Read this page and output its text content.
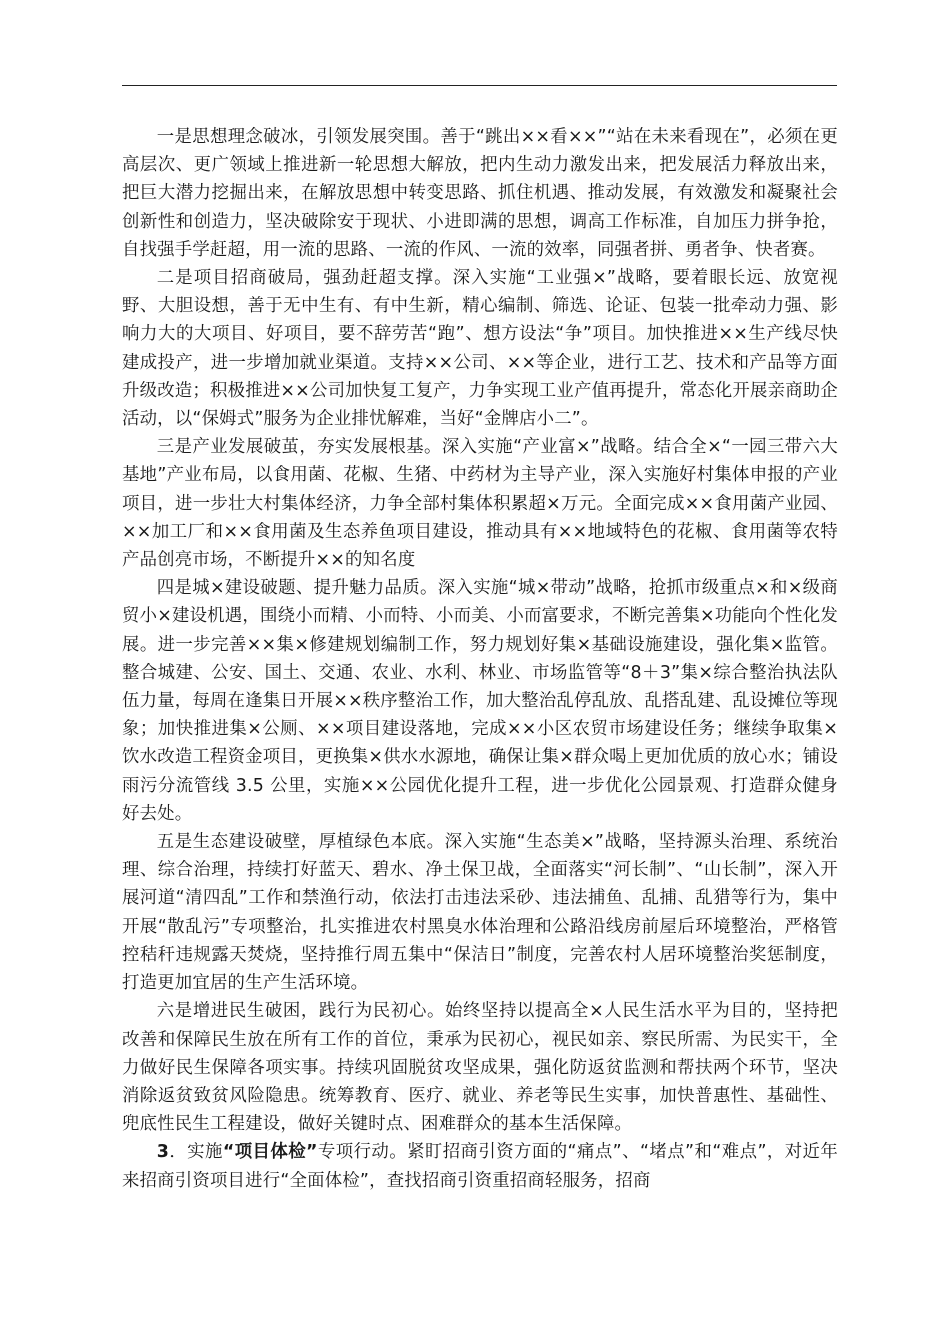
一是思想理念破冰，引领发展突围。善于“跳出××看××”“站在未来看现在”，必须在更高层次、更广领域上推进新一轮思想大解放，把内生动力激发出来，把发展活力释放出来，把巨大潜力挖掘出来，在解放思想中转变思路、抓住机遇、推动发展，有效激发和凝聚社会创新性和创造力，坚决破除安于现状、小进即满的思想，调高工作标准，自加压力拼争抢，自找强手学赶超，用一流的思路、一流的作风、一流的效率，同强者拼、勇者争、快者赛。

二是项目招商破局，强劲赶超支撑。深入实施“工业强×”战略，要着眼长远、放宽视野、大胆设想，善于无中生有、有中生新，精心编制、筛选、论证、包装一批牵动力强、影响力大的大项目、好项目，要不辞劳苦“跑”、想方设法“争”项目。加快推进××生产线尽快建成投产，进一步增加就业渠道。支持××公司、××等企业，进行工艺、技术和产品等方面升级改造；积极推进××公司加快复工复产，力争实现工业产值再提升，常态化开展亲商助企活动，以“保姆式”服务为企业排忧解难，当好“金牌店小二”。

三是产业发展破茧，夯实发展根基。深入实施“产业富×”战略。结合全×“一园三带六大基地”产业布局，以食用菌、花椒、生猪、中药材为主导产业，深入实施好村集体申报的产业项目，进一步壮大村集体经济，力争全部村集体积累超×万元。全面完成××食用菌产业园、××加工厂和××食用菌及生态养鱼项目建设，推动具有××地域特色的花椒、食用菌等农特产品创亮市场，不断提升××的知名度

四是城×建设破题、提升魅力品质。深入实施“城×带动”战略，抢抓市级重点×和×级商贸小×建设机遇，围绕小而精、小而特、小而美、小而富要求，不断完善集×功能向个性化发展。进一步完善××集×修建规划编制工作，努力规划好集×基础设施建设，强化集×监管。整合城建、公安、国土、交通、农业、水利、林业、市场监管等“8＋3”集×综合整治执法队伍力量，每周在逢集日开展××秩序整治工作，加大整治乱停乱放、乱搭乱建、乱设摊位等现象；加快推进集×公厕、××项目建设落地，完成××小区农贸市场建设任务；继续争取集×饮水改造工程资金项目，更换集×供水水源地，确保让集×群众喝上更加优质的放心水；铺设雨污分流管线 3.5 公里，实施××公园优化提升工程，进一步优化公园景观、打造群众健身好去处。

五是生态建设破壁，厚植绿色本底。深入实施“生态美×”战略，坚持源头治理、系统治理、综合治理，持续打好蓝天、碧水、净土保卫战，全面落实“河长制”、“山长制”，深入开展河道“清四乱”工作和禁渔行动，依法打击违法采砂、违法捕鱼、乱捕、乱猎等行为，集中开展“散乱污”专项整治，扎实推进农村黑臭水体治理和公路沿线房前屋后环境整治，严格管控秸秆违规露天焚烧，坚持推行周五集中“保洁日”制度，完善农村人居环境整治奖惩制度，打造更加宜居的生产生活环境。

六是增进民生破困，践行为民初心。始终坚持以提高全×人民生活水平为目的，坚持把改善和保障民生放在所有工作的首位，秉承为民初心，视民如亲、察民所需、为民实干，全力做好民生保障各项实事。持续巩固脱贫攻坚成果，强化防返贫监测和帮扶两个环节，坚决消除返贫致贫风险隐患。统筹教育、医疗、就业、养老等民生实事，加快普惠性、基础性、兜底性民生工程建设，做好关键时点、困难群众的基本生活保障。

3．实施“项目体检”专项行动。紧盯招商引资方面的“痛点”、“堵点”和“难点”，对近年来招商引资项目进行“全面体检”，查找招商引资重招商轻服务，招商
